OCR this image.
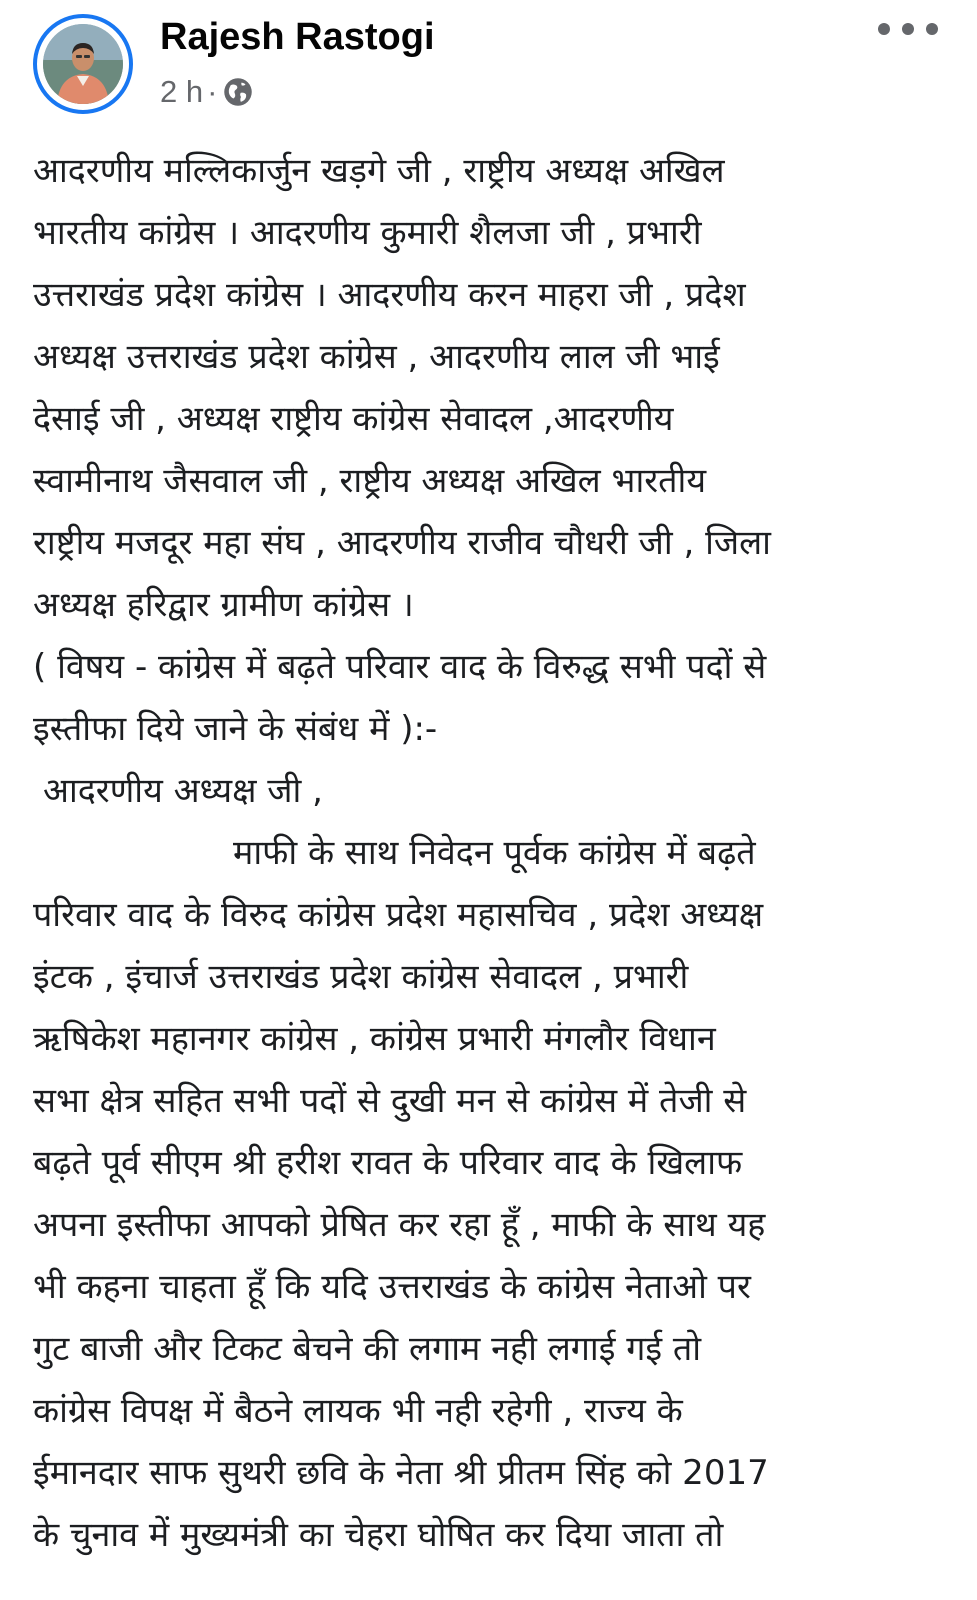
Rajesh Rastogi
2 h ·
आदरणीय मल्लिकार्जुन खड़गे जी , राष्ट्रीय अध्यक्ष अखिल
भारतीय कांग्रेस । आदरणीय कुमारी शैलजा जी , प्रभारी
उत्तराखंड प्रदेश कांग्रेस । आदरणीय करन माहरा जी , प्रदेश
अध्यक्ष उत्तराखंड प्रदेश कांग्रेस , आदरणीय लाल जी भाई
देसाई जी , अध्यक्ष राष्ट्रीय कांग्रेस सेवादल ,आदरणीय
स्वामीनाथ जैसवाल जी , राष्ट्रीय अध्यक्ष अखिल भारतीय
राष्ट्रीय मजदूर महा संघ , आदरणीय राजीव चौधरी जी , जिला
अध्यक्ष हरिद्वार ग्रामीण कांग्रेस ।
( विषय - कांग्रेस में बढ़ते परिवार वाद के विरुद्ध सभी पदों से
इस्तीफा दिये जाने के संबंध में ):-
आदरणीय अध्यक्ष जी ,
माफी के साथ निवेदन पूर्वक कांग्रेस में बढ़ते
परिवार वाद के विरुद कांग्रेस प्रदेश महासचिव , प्रदेश अध्यक्ष
इंटक , इंचार्ज उत्तराखंड प्रदेश कांग्रेस सेवादल , प्रभारी
ऋषिकेश महानगर कांग्रेस , कांग्रेस प्रभारी मंगलौर विधान
सभा क्षेत्र सहित सभी पदों से दुखी मन से कांग्रेस में तेजी से
बढ़ते पूर्व सीएम श्री हरीश रावत के परिवार वाद के खिलाफ
अपना इस्तीफा आपको प्रेषित कर रहा हूँ , माफी के साथ यह
भी कहना चाहता हूँ कि यदि उत्तराखंड के कांग्रेस नेताओ पर
गुट बाजी और टिकट बेचने की लगाम नही लगाई गई तो
कांग्रेस विपक्ष में बैठने लायक भी नही रहेगी , राज्य के
ईमानदार साफ सुथरी छवि के नेता श्री प्रीतम सिंह को 2017
के चुनाव में मुख्यमंत्री का चेहरा घोषित कर दिया जाता तो
